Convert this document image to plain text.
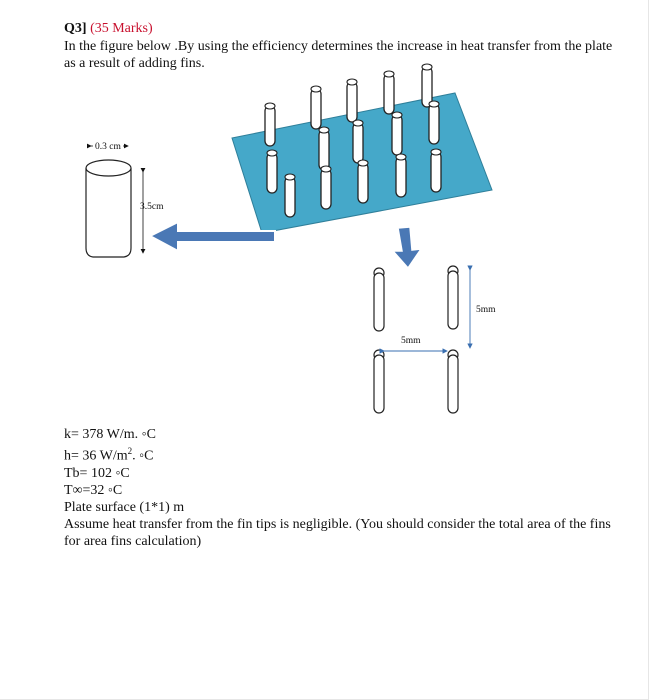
Q3] (35 Marks)
In the figure below .By using the efficiency determines the increase in heat transfer from the plate as a result of adding fins.
0.3 cm
3.5cm
5mm
5mm
k= 378 W/m. ◦C
h= 36 $W/m^2$. ◦C
Tb= 102 ◦C
T∞=32 ◦C
Plate surface (1*1) m
Assume heat transfer from the fin tips is negligible. (You should consider the total area of the fins for area fins calculation)
